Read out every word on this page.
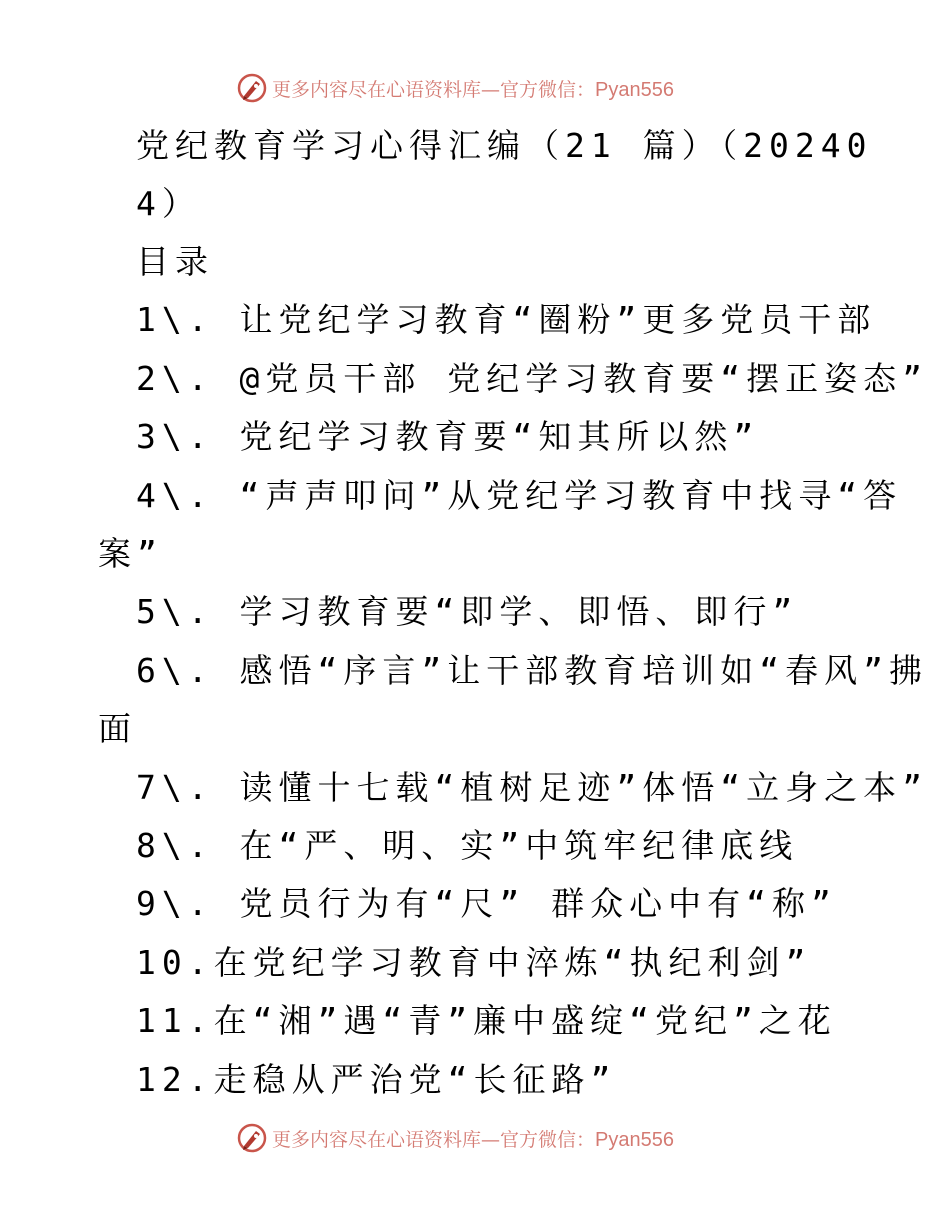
更多内容尽在心语资料库—官方微信：Pyan556
党纪教育学习心得汇编（21 篇）（20240
4）
目录
1\. 让党纪学习教育“圈粉”更多党员干部
2\. @党员干部 党纪学习教育要“摆正姿态”
3\. 党纪学习教育要“知其所以然”
4\. “声声叩问”从党纪学习教育中找寻“答
案”
5\. 学习教育要“即学、即悟、即行”
6\. 感悟“序言”让干部教育培训如“春风”拂
面
7\. 读懂十七载“植树足迹”体悟“立身之本”
8\. 在“严、明、实”中筑牢纪律底线
9\. 党员行为有“尺” 群众心中有“称”
10.在党纪学习教育中淬炼“执纪利剑”
11.在“湘”遇“青”廉中盛绽“党纪”之花
12.走稳从严治党“长征路”
更多内容尽在心语资料库—官方微信：Pyan556
